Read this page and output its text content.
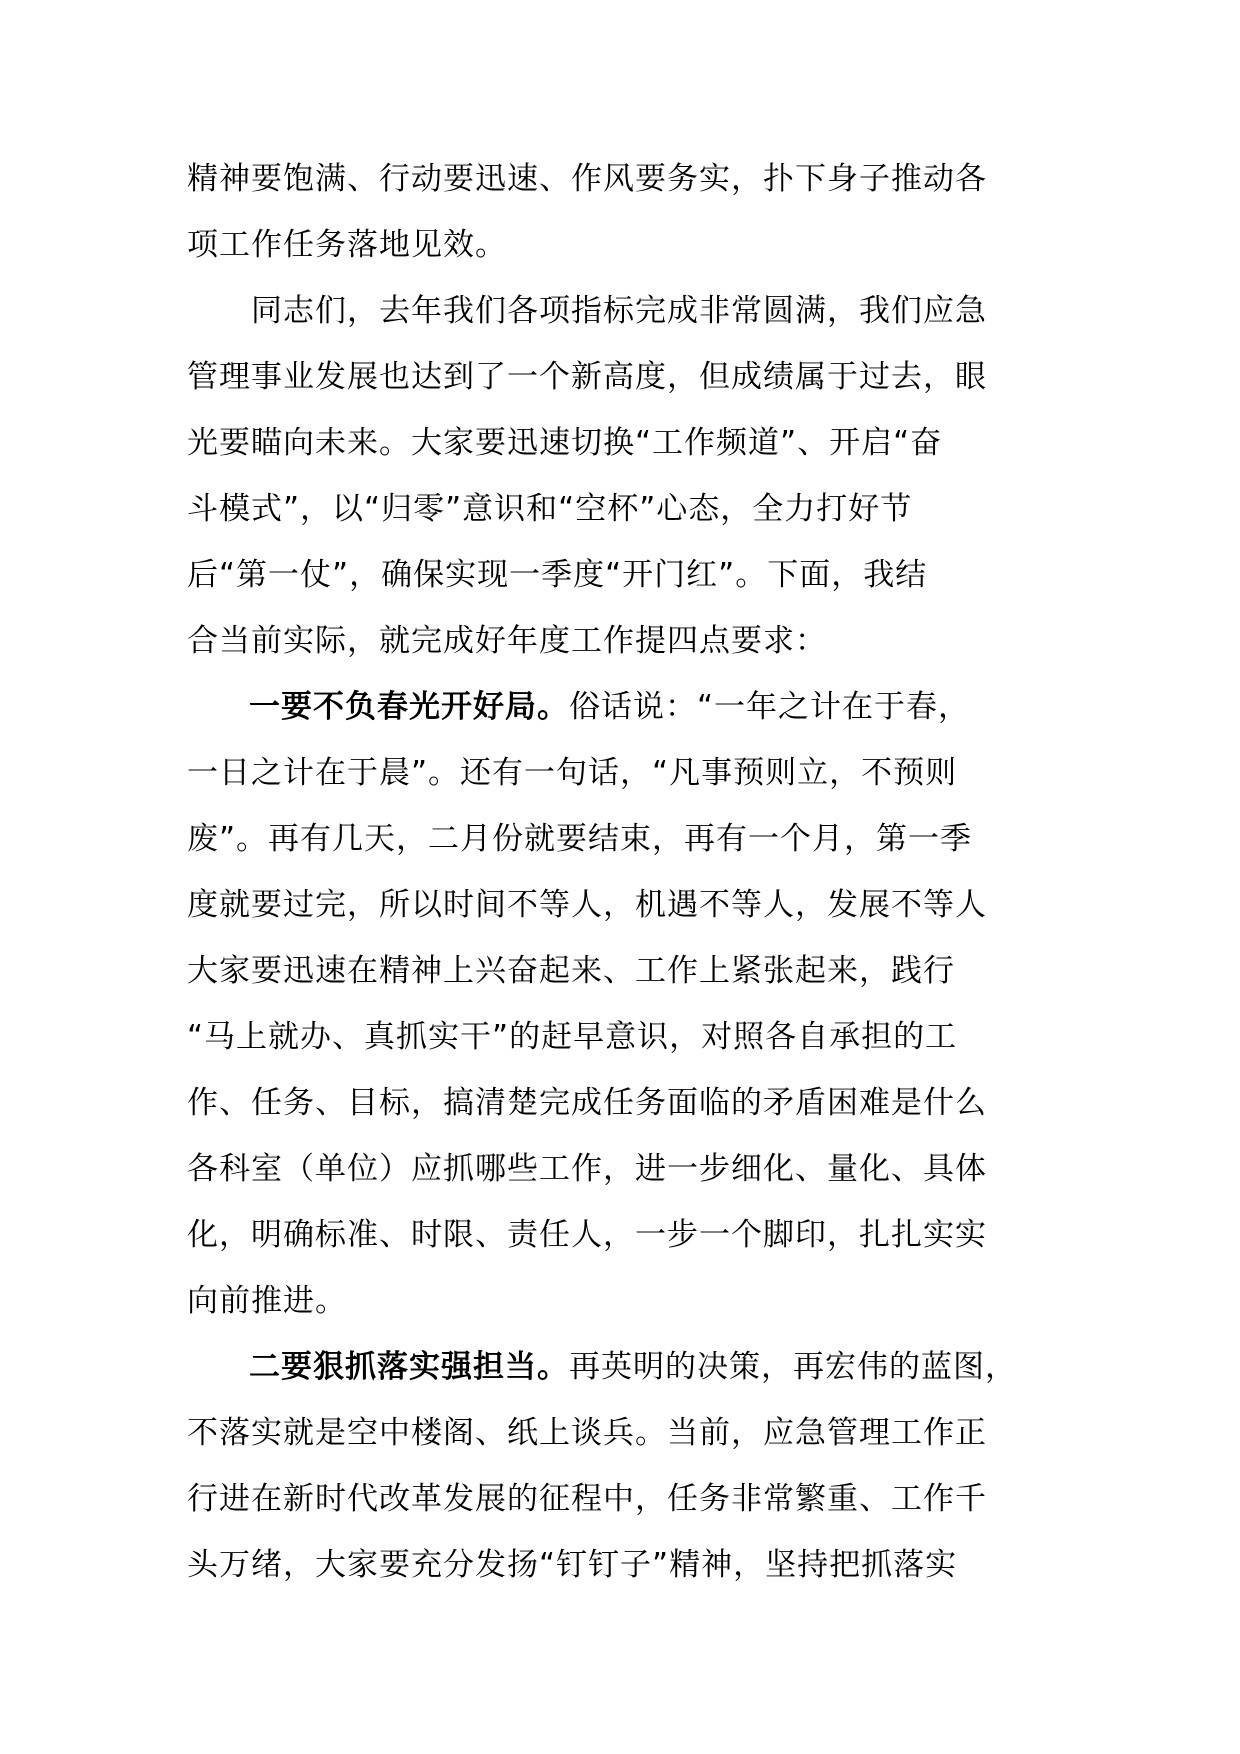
精神要饱满、行动要迅速、作风要务实，扑下身子推动各
项工作任务落地见效。
　　同志们，去年我们各项指标完成非常圆满，我们应急
管理事业发展也达到了一个新高度，但成绩属于过去，眼
光要瞄向未来。大家要迅速切换“工作频道”、开启“奋
斗模式”，以“归零”意识和“空杯”心态，全力打好节
后“第一仗”，确保实现一季度“开门红”。下面，我结
合当前实际，就完成好年度工作提四点要求：
一要不负春光开好局。俗话说：“一年之计在于春，
一日之计在于晨”。还有一句话，“凡事预则立，不预则
废”。再有几天，二月份就要结束，再有一个月，第一季
度就要过完，所以时间不等人，机遇不等人，发展不等人
大家要迅速在精神上兴奋起来、工作上紧张起来，践行
“马上就办、真抓实干”的赶早意识，对照各自承担的工
作、任务、目标，搞清楚完成任务面临的矛盾困难是什么
各科室（单位）应抓哪些工作，进一步细化、量化、具体
化，明确标准、时限、责任人，一步一个脚印，扎扎实实
向前推进。
二要狠抓落实强担当。再英明的决策，再宏伟的蓝图，
不落实就是空中楼阁、纸上谈兵。当前，应急管理工作正
行进在新时代改革发展的征程中，任务非常繁重、工作千
头万绪，大家要充分发扬“钉钉子”精神，坚持把抓落实
